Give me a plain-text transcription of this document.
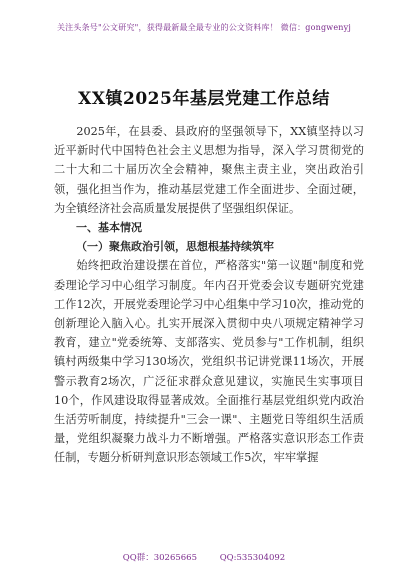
关注头条号"公文研究"，获得最新最全最专业的公文资料库！ 微信：gongwenyj
XX镇2025年基层党建工作总结

2025年，在县委、县政府的坚强领导下，XX镇坚持以习近平新时代中国特色社会主义思想为指导，深入学习贯彻党的二十大和二十届历次全会精神，聚焦主责主业，突出政治引领，强化担当作为，推动基层党建工作全面进步、全面过硬，为全镇经济社会高质量发展提供了坚强组织保证。

一、基本情况

（一）聚焦政治引领，思想根基持续筑牢

始终把政治建设摆在首位，严格落实"第一议题"制度和党委理论学习中心组学习制度。年内召开党委会议专题研究党建工作12次，开展党委理论学习中心组集中学习10次，推动党的创新理论入脑入心。扎实开展深入贯彻中央八项规定精神学习教育，建立"党委统筹、支部落实、党员参与"工作机制，组织镇村两级集中学习130场次，党组织书记讲党课11场次，开展警示教育2场次，广泛征求群众意见建议，实施民生实事项目10个，作风建设取得显著成效。全面推行基层党组织党内政治生活劳听制度，持续提升"三会一课"、主题党日等组织生活质量，党组织凝聚力战斗力不断增强。严格落实意识形态工作责任制，专题分析研判意识形态领域工作5次，牢牢掌握

QQ群：30265665	QQ:535304092
